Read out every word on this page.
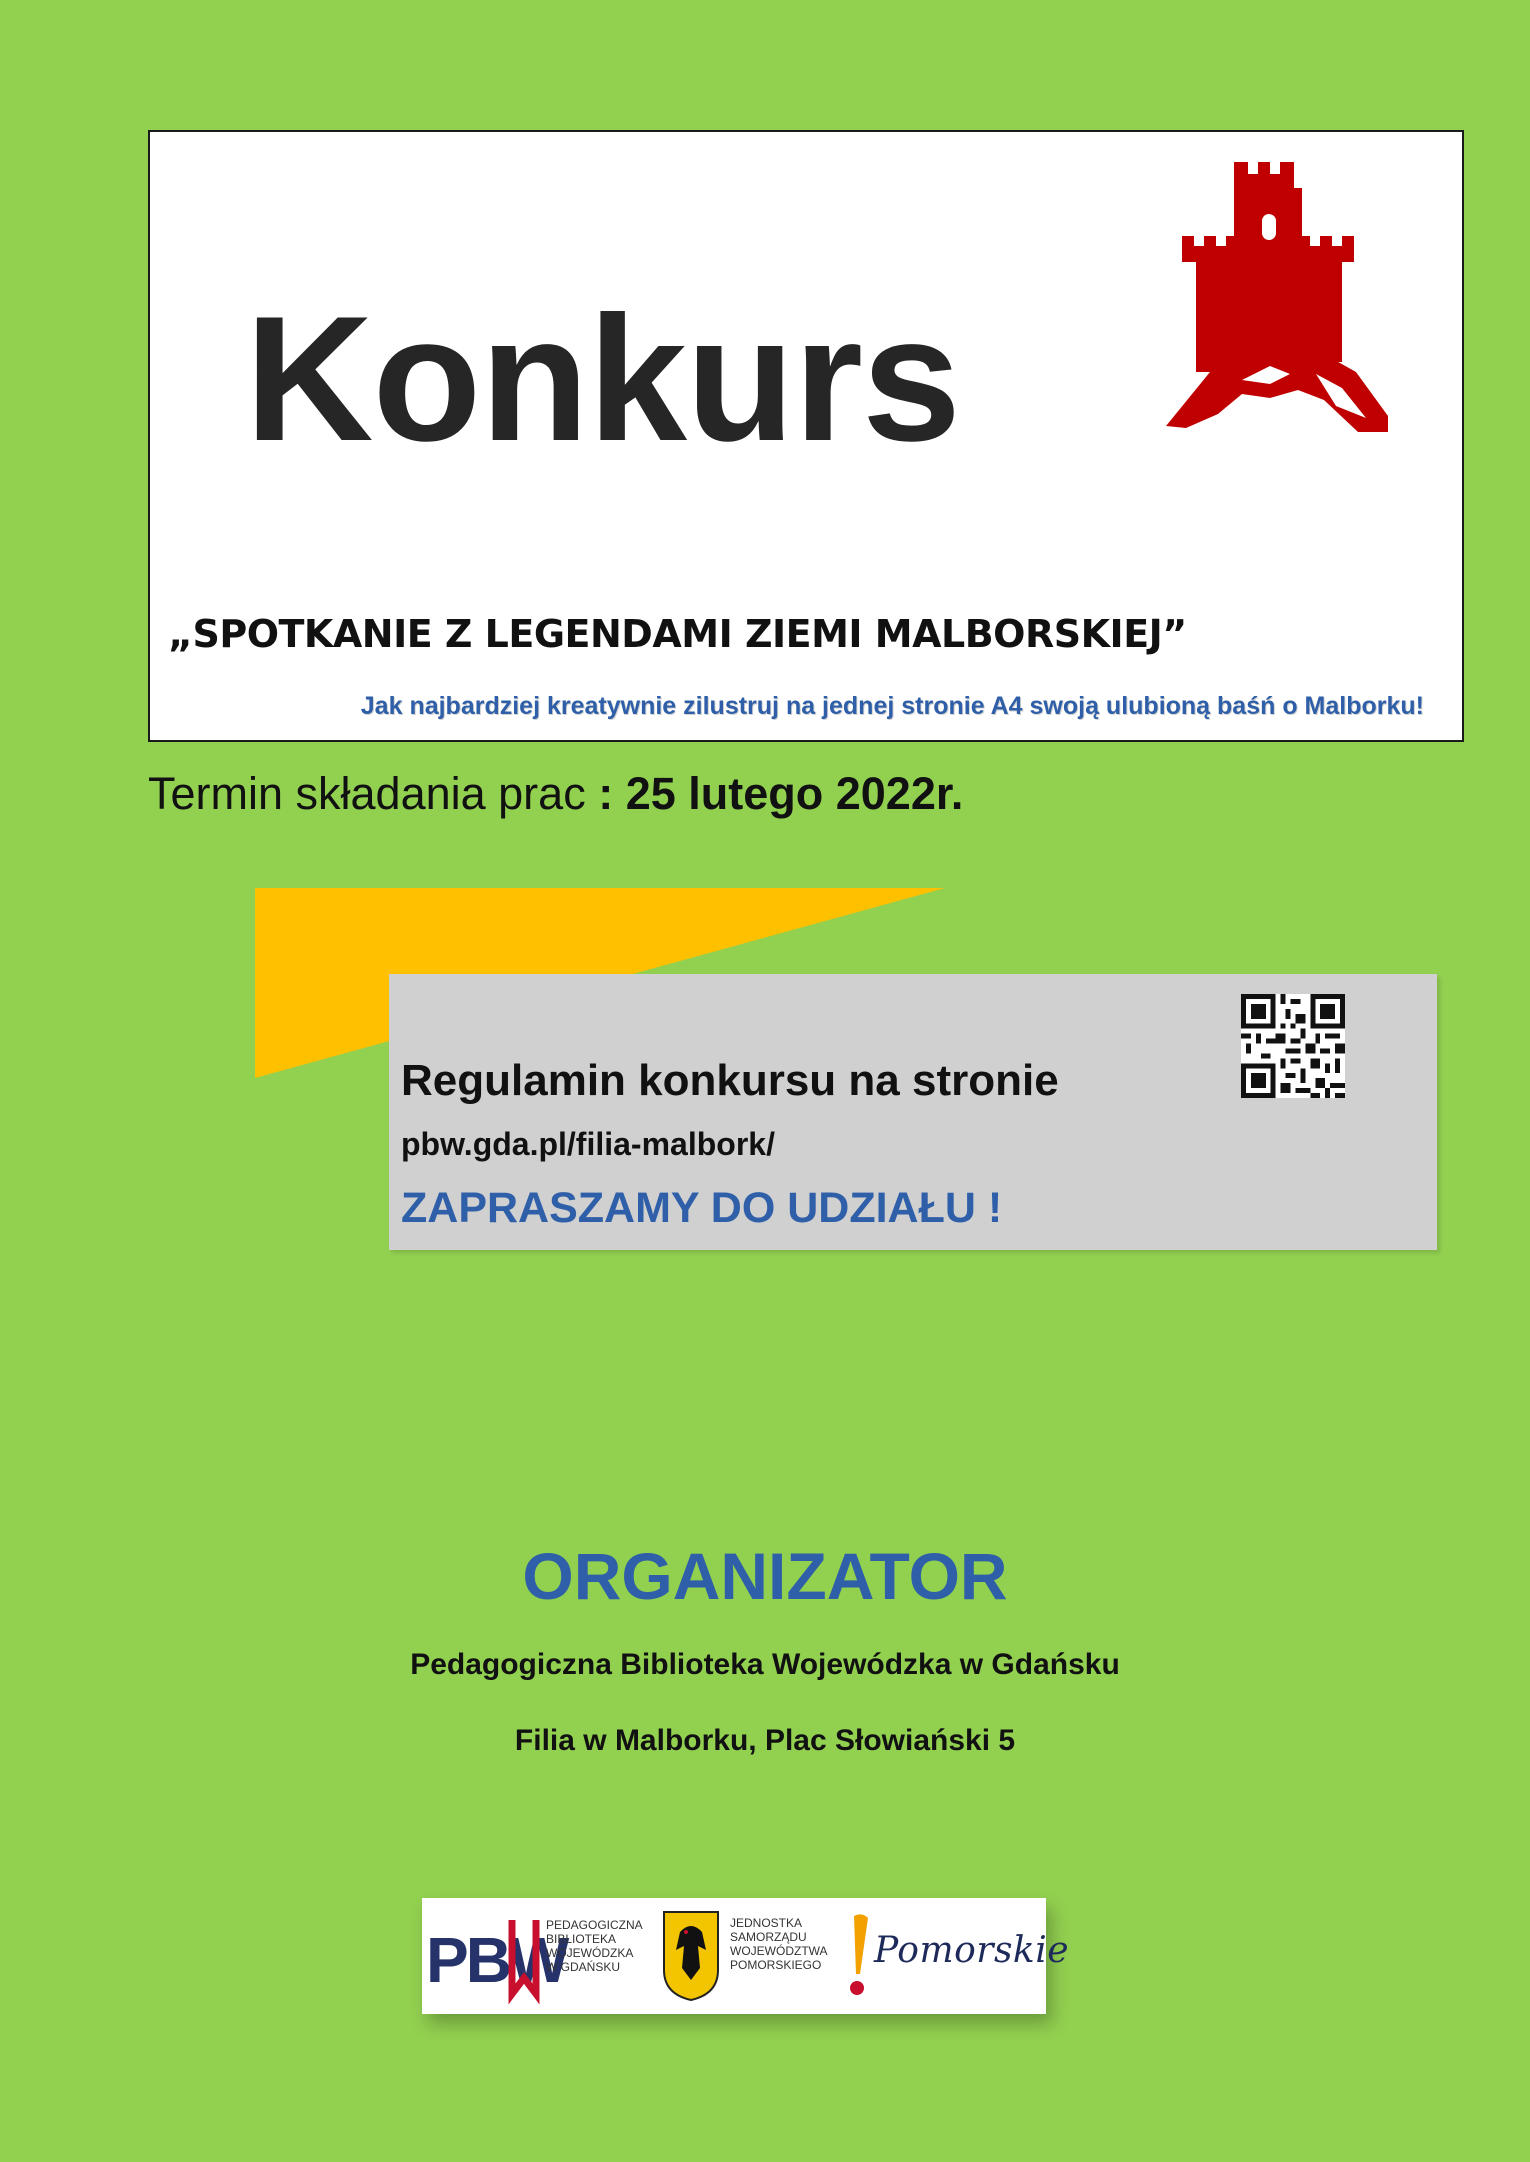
Konkurs
„SPOTKANIE Z LEGENDAMI ZIEMI MALBORSKIEJ”
Jak najbardziej kreatywnie zilustruj na jednej stronie A4 swoją ulubioną baśń o Malborku!
Termin składania prac : 25 lutego 2022r.
Regulamin konkursu na stronie
pbw.gda.pl/filia-malbork/
ZAPRASZAMY DO UDZIAŁU !
ORGANIZATOR
Pedagogiczna Biblioteka Wojewódzka w Gdańsku
Filia w Malborku, Plac Słowiański 5
PBW
PEDAGOGICZNA
BIBLIOTEKA
WOJEWÓDZKA
W GDAŃSKU
JEDNOSTKA
SAMORZĄDU
WOJEWÓDZTWA
POMORSKIEGO Pomorskie
